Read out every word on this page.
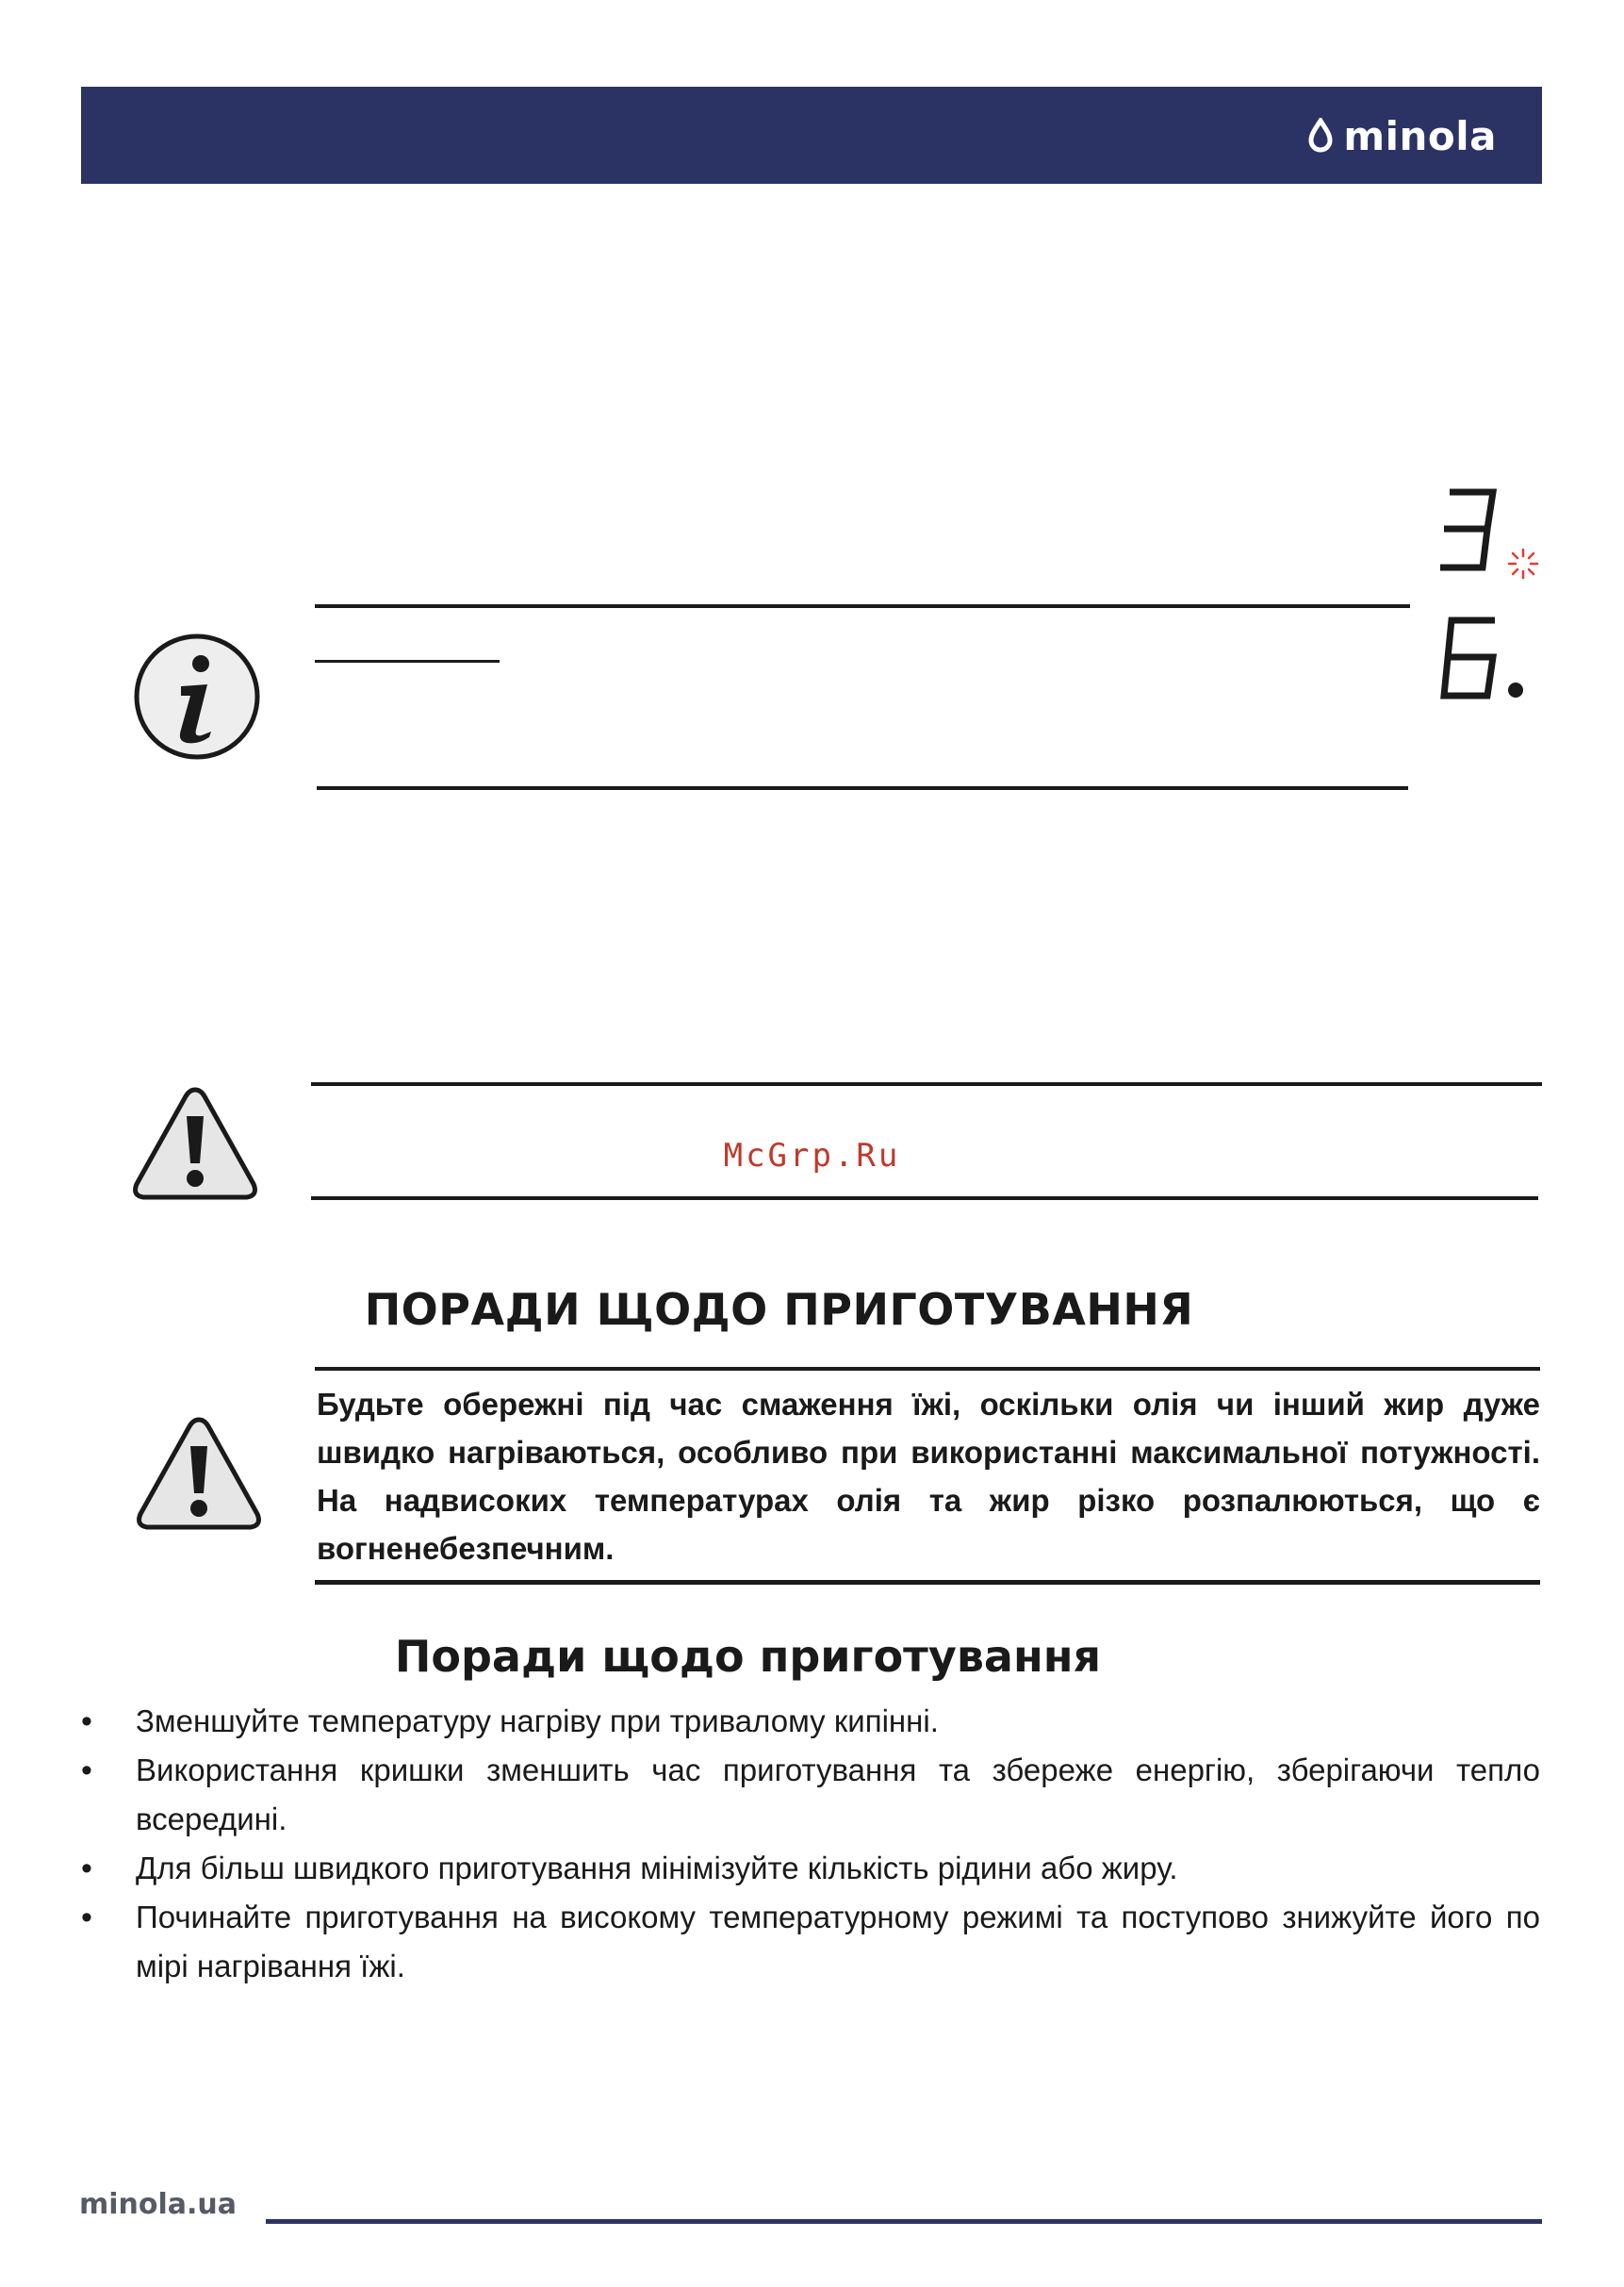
minola
McGrp.Ru
ПОРАДИ ЩОДО ПРИГОТУВАННЯ
Будьте обережні під час смаження їжі, оскільки олія чи інший жир дуже швидко нагріваються, особливо при використанні максимальної потужності. На надвисоких температурах олія та жир різко розпалюються, що є вогненебезпечним.
Поради щодо приготування
• Зменшуйте температуру нагріву при тривалому кипінні.
• Використання кришки зменшить час приготування та збереже енергію, зберігаючи тепло всередині.
• Для більш швидкого приготування мінімізуйте кількість рідини або жиру.
• Починайте приготування на високому температурному режимі та поступово знижуйте його по мірі нагрівання їжі.
minola.ua
